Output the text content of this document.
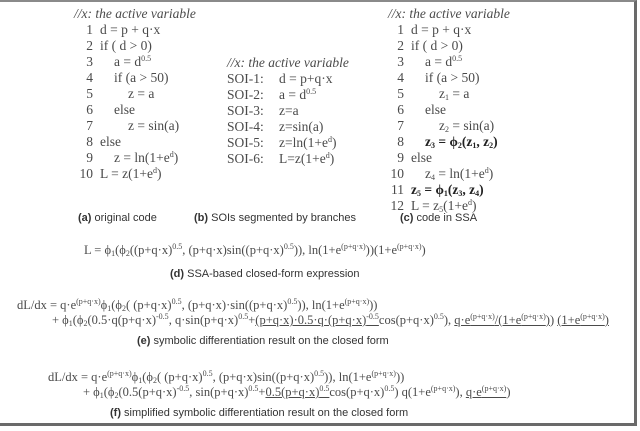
//x: the active variable
1 d = p + q·x
2 if ( d > 0)
3 $a = d^{0.5}$
4 if (a > 50)
5	z = a
6 else
7	z = sin(a)
8 else
9 $z = \ln(1+e^d)$
10 $L = z(1+e^d)$
(a) original code
//x: the active variable
SOI-1: d = p+q·x
SOI-2: $a = d^{0.5}$
SOI-3: z=a
SOI-4: z=sin(a)
SOI-5: $z=\ln(1+e^d)$
SOI-6: $L=z(1+e^d)$
(b) SOIs segmented by branches
//x: the active variable
1 d = p + q·x
2 if ( d > 0)
3 $a = d^{0.5}$
4 if (a > 50)
5	$z_1 = a$
6 else
7	$z_2 = \sin(a)$
8 $z_3 = \phi_2(z_1$, $z_2$)
9 else
10 $z_4 = \ln(1+e^d)$
11 $z_5 = \phi_1(z_3$, $z_4$)
12 $L = z_5(1+e^d)$
(c) code in SSA
$L = \phi_1(\phi_2((p+q\cdot x)^{0.5}$, $(p+q\cdot x)\sin((p+q\cdot x)^{0.5})$), $\ln(1+e^{(p+q\cdot x)}))(1+e^{(p+q\cdot x)})$
(d) SSA-based closed-form expression
$dL/dx = q\cdot e^{(p+q\cdot x)}\phi_1(\phi_2$( $(p+q\cdot x)^{0.5}$, $(p+q\cdot x)\cdot\sin((p+q\cdot x)^{0.5})$), $\ln(1+e^{(p+q\cdot x)})$)
+ $\phi_1(\phi_2(0.5\cdot q(p+q\cdot x)^{-0.5}$, $q\cdot\sin(p+q\cdot x)^{0.5}+(p+q\cdot x)\cdot 0.5\cdot q\cdot(p+q\cdot x)^{-0.5}\cos(p+q\cdot x)^{0.5}$), $q\cdot e^{(p+q\cdot x)}/(1+e^{(p+q\cdot x)})$) $(1+e^{(p+q\cdot x)})$
(e) symbolic differentiation result on the closed form
$dL/dx = q\cdot e^{(p+q\cdot x)}\phi_1(\phi_2$( $(p+q\cdot x)^{0.5}$, $(p+q\cdot x)\sin((p+q\cdot x)^{0.5})$), $\ln(1+e^{(p+q\cdot x)})$)
+ $\phi_1(\phi_2(0.5(p+q\cdot x)^{-0.5}$, $\sin(p+q\cdot x)^{0.5}+0.5(p+q\cdot x)^{0.5}\cos(p+q\cdot x)^{0.5}$) $q(1+e^{(p+q\cdot x)})$, $q\cdot e^{(p+q\cdot x)}$)
(f) simplified symbolic differentiation result on the closed form
